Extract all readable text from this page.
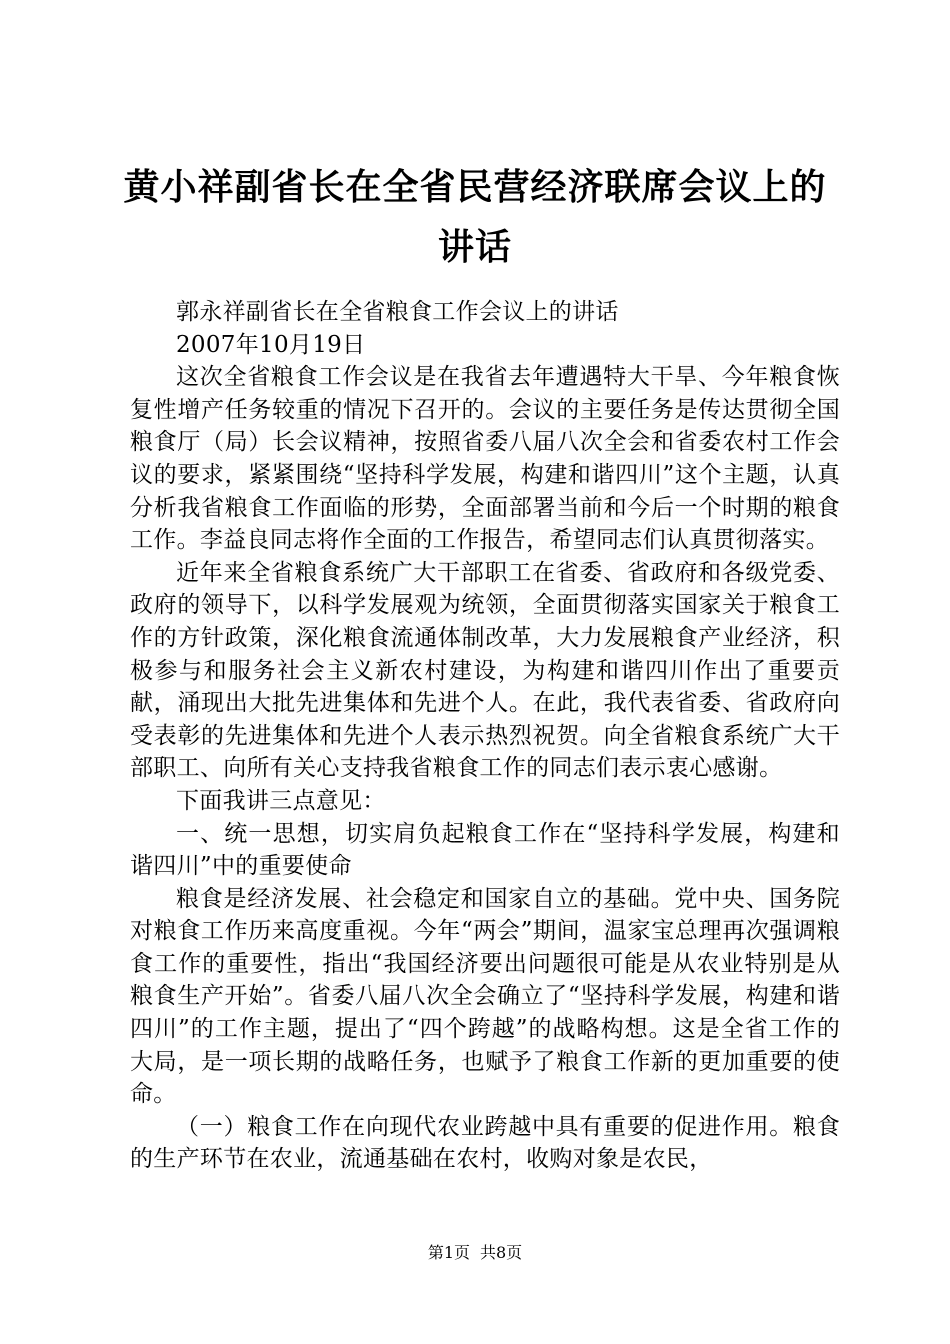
黄小祥副省长在全省民营经济联席会议上的讲话

郭永祥副省长在全省粮食工作会议上的讲话

2007年10月19日

这次全省粮食工作会议是在我省去年遭遇特大干旱、今年粮食恢复性增产任务较重的情况下召开的。会议的主要任务是传达贯彻全国粮食厅（局）长会议精神，按照省委八届八次全会和省委农村工作会议的要求，紧紧围绕“坚持科学发展，构建和谐四川”这个主题，认真分析我省粮食工作面临的形势，全面部署当前和今后一个时期的粮食工作。李益良同志将作全面的工作报告，希望同志们认真贯彻落实。

近年来全省粮食系统广大干部职工在省委、省政府和各级党委、政府的领导下，以科学发展观为统领，全面贯彻落实国家关于粮食工作的方针政策，深化粮食流通体制改革，大力发展粮食产业经济，积极参与和服务社会主义新农村建设，为构建和谐四川作出了重要贡献，涌现出大批先进集体和先进个人。在此，我代表省委、省政府向受表彰的先进集体和先进个人表示热烈祝贺。向全省粮食系统广大干部职工、向所有关心支持我省粮食工作的同志们表示衷心感谢。

下面我讲三点意见：

一、统一思想，切实肩负起粮食工作在“坚持科学发展，构建和谐四川”中的重要使命

粮食是经济发展、社会稳定和国家自立的基础。党中央、国务院对粮食工作历来高度重视。今年“两会”期间，温家宝总理再次强调粮食工作的重要性，指出“我国经济要出问题很可能是从农业特别是从粮食生产开始”。省委八届八次全会确立了“坚持科学发展，构建和谐四川”的工作主题，提出了“四个跨越”的战略构想。这是全省工作的大局，是一项长期的战略任务，也赋予了粮食工作新的更加重要的使命。

（一）粮食工作在向现代农业跨越中具有重要的促进作用。粮食的生产环节在农业，流通基础在农村，收购对象是农民，

第1页 共8页
